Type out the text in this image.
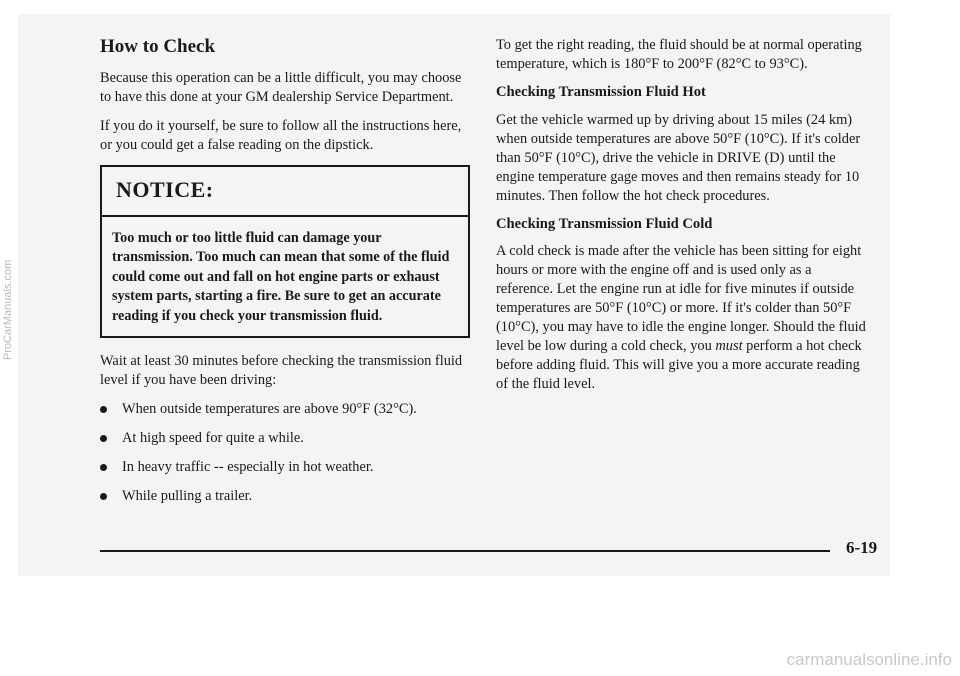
How to Check

Because this operation can be a little difficult, you may choose to have this done at your GM dealership Service Department.

If you do it yourself, be sure to follow all the instructions here, or you could get a false reading on the dipstick.

NOTICE:
Too much or too little fluid can damage your transmission. Too much can mean that some of the fluid could come out and fall on hot engine parts or exhaust system parts, starting a fire. Be sure to get an accurate reading if you check your transmission fluid.

Wait at least 30 minutes before checking the transmission fluid level if you have been driving:

When outside temperatures are above 90°F (32°C).
At high speed for quite a while.
In heavy traffic -- especially in hot weather.
While pulling a trailer.

To get the right reading, the fluid should be at normal operating temperature, which is 180°F to 200°F (82°C to 93°C).

Checking Transmission Fluid Hot

Get the vehicle warmed up by driving about 15 miles (24 km) when outside temperatures are above 50°F (10°C). If it's colder than 50°F (10°C), drive the vehicle in DRIVE (D) until the engine temperature gage moves and then remains steady for 10 minutes. Then follow the hot check procedures.

Checking Transmission Fluid Cold

A cold check is made after the vehicle has been sitting for eight hours or more with the engine off and is used only as a reference. Let the engine run at idle for five minutes if outside temperatures are 50°F (10°C) or more. If it's colder than 50°F (10°C), you may have to idle the engine longer. Should the fluid level be low during a cold check, you must perform a hot check before adding fluid. This will give you a more accurate reading of the fluid level.

6-19
ProCarManuals.com
carmanualsonline.info
